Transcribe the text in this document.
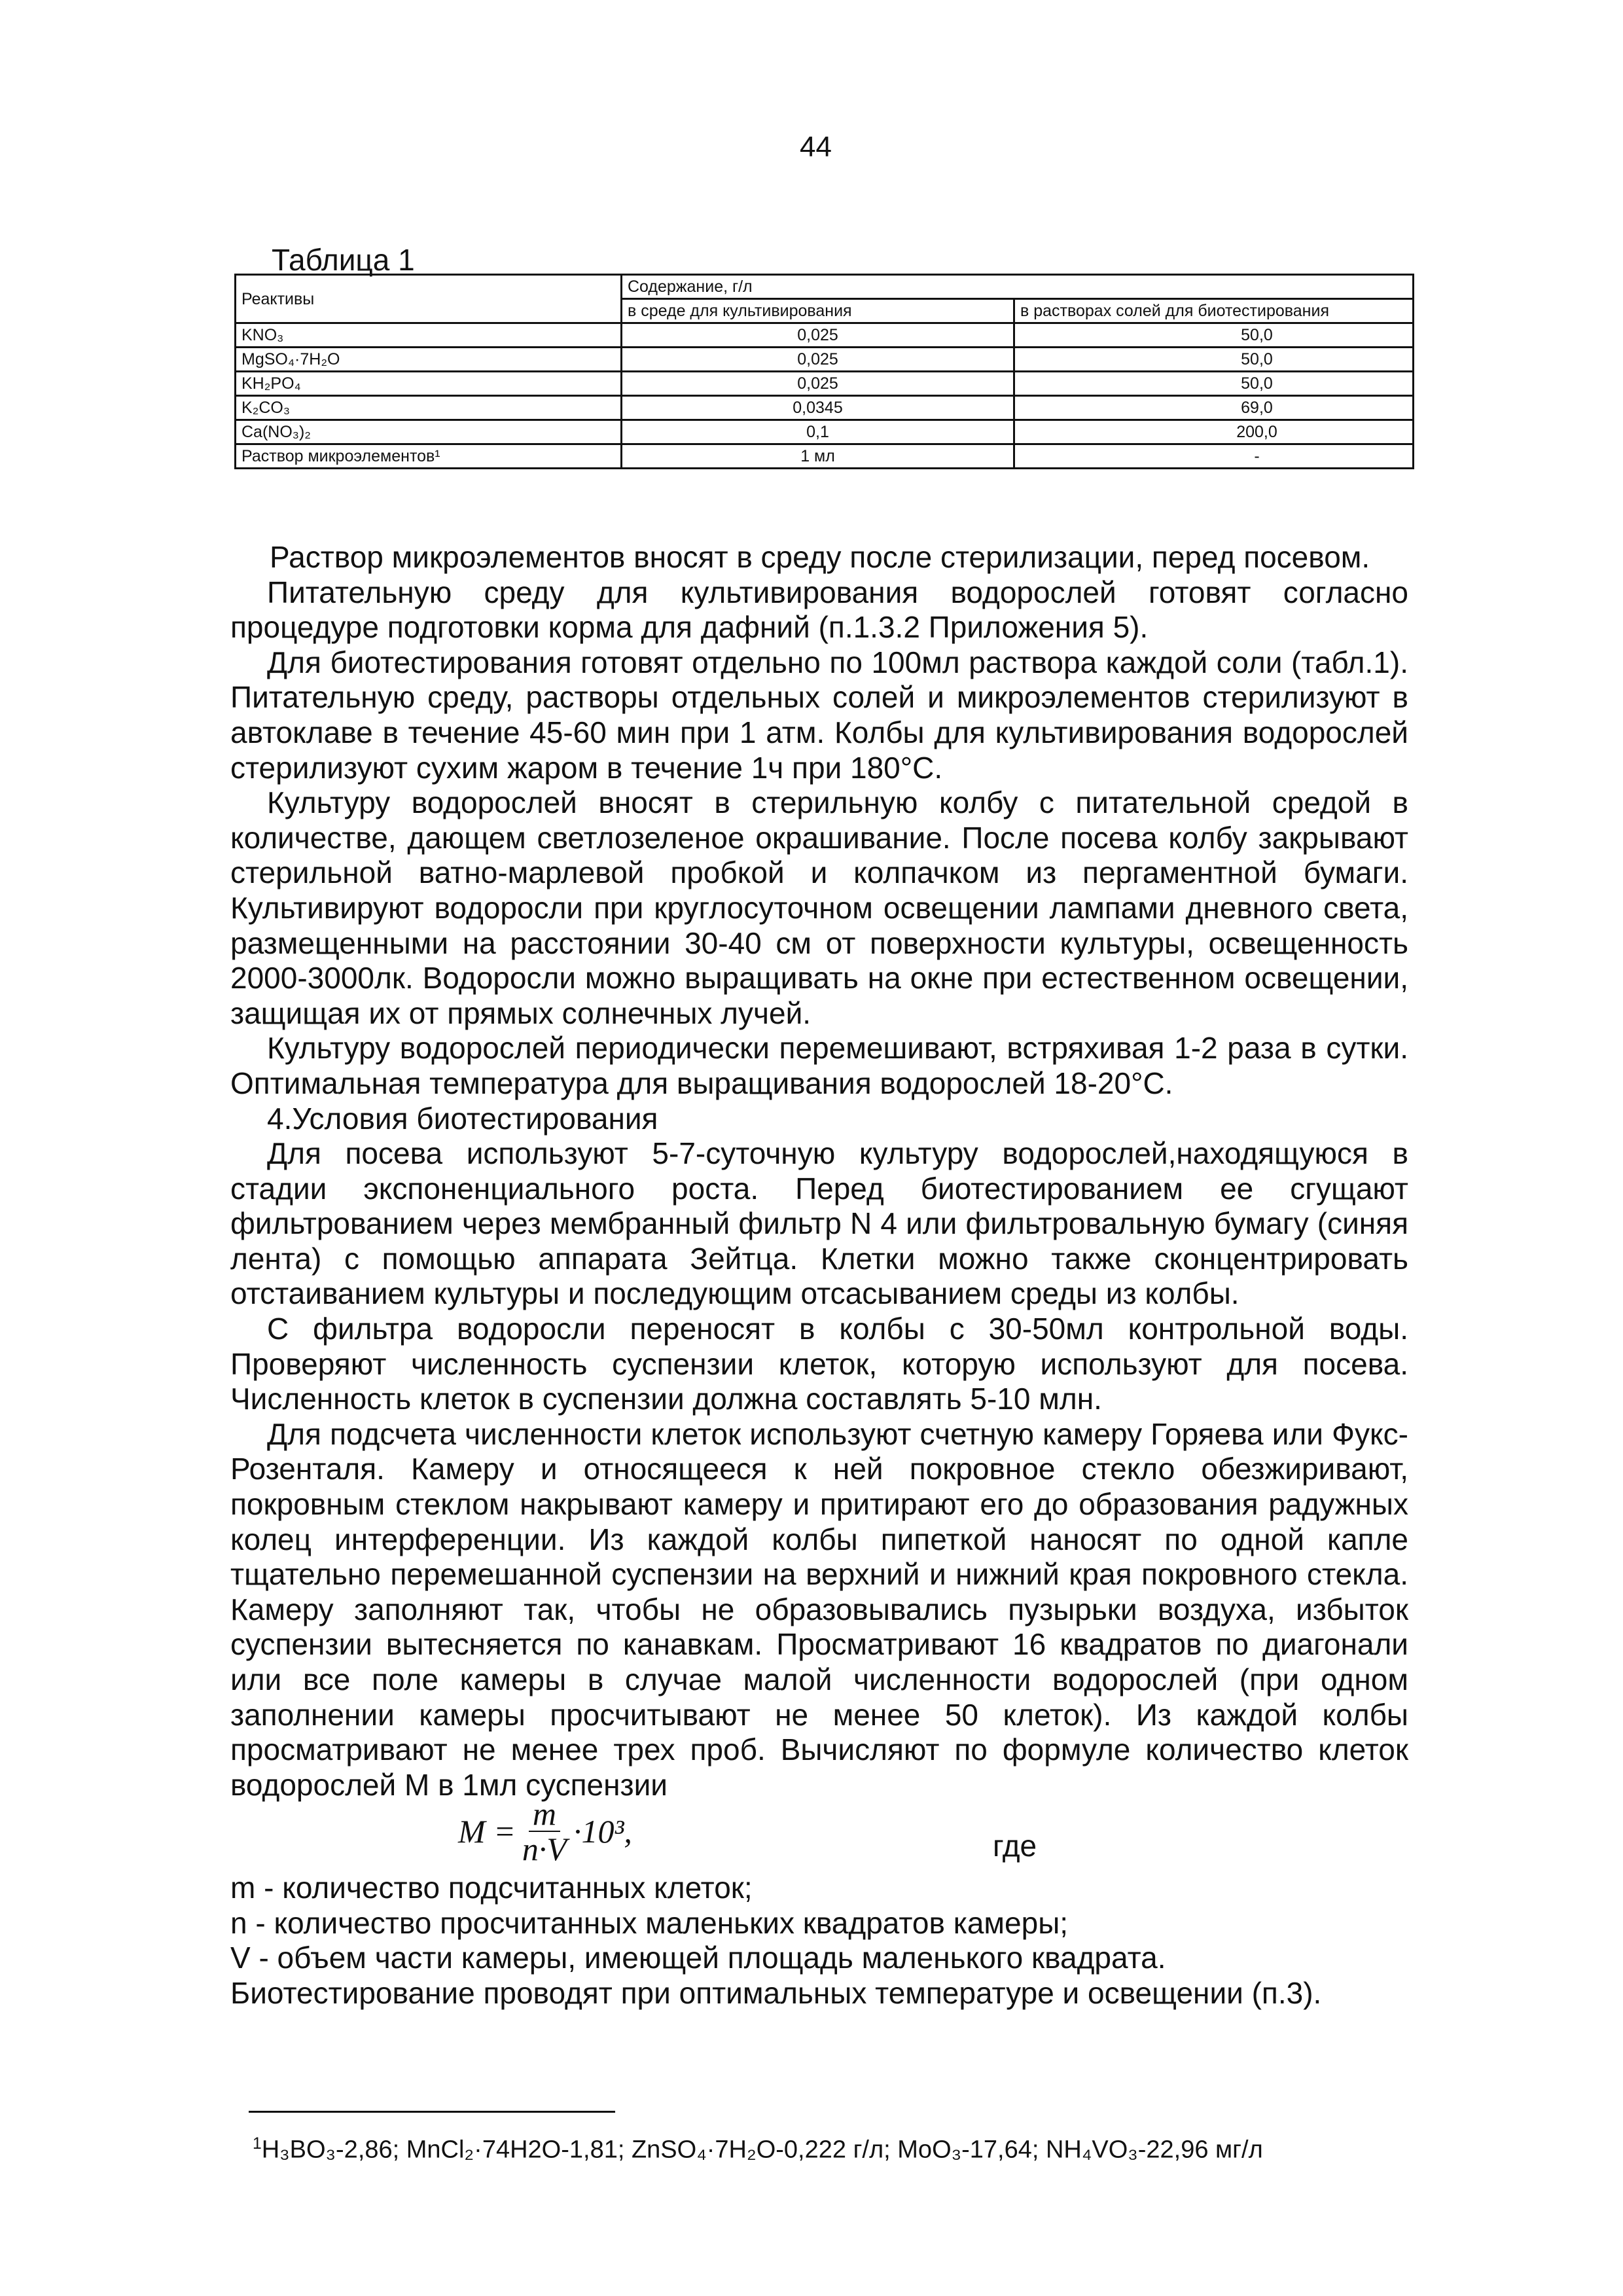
44
Таблица 1
Реактивы	Содержание, г/л	
	в среде для культивирования	в растворах солей для биотестирования
KNO₃	0,025	50,0
MgSO₄·7H₂O	0,025	50,0
KH₂PO₄	0,025	50,0
K₂CO₃	0,0345	69,0
Ca(NO₃)₂	0,1	200,0
Раствор микроэлементов¹	1 мл	-

Раствор микроэлементов вносят в среду после стерилизации, перед посевом.

Питательную среду для культивирования водорослей готовят согласно процедуре подготовки корма для дафний (п.1.3.2 Приложения 5).

Для биотестирования готовят отдельно по 100мл раствора каждой соли (табл.1). Питательную среду, растворы отдельных солей и микроэлементов стерилизуют в автоклаве в течение 45-60 мин при 1 атм. Колбы для культивирования водорослей стерилизуют сухим жаром в течение 1ч при 180°С.

Культуру водорослей вносят в стерильную колбу с питательной средой в количестве, дающем светлозеленое окрашивание. После посева колбу закрывают стерильной ватно-марлевой пробкой и колпачком из пергаментной бумаги. Культивируют водоросли при круглосуточном освещении лампами дневного света, размещенными на расстоянии 30-40 см от поверхности культуры, освещенность 2000-3000лк. Водоросли можно выращивать на окне при естественном освещении, защищая их от прямых солнечных лучей.

Культуру водорослей периодически перемешивают, встряхивая 1-2 раза в сутки. Оптимальная температура для выращивания водорослей 18-20°С.

4.Условия биотестирования

Для посева используют 5-7-суточную культуру водорослей,находящуюся в стадии экспоненциального роста. Перед биотестированием ее сгущают фильтрованием через мембранный фильтр N 4 или фильтровальную бумагу (синяя лента) с помощью аппарата Зейтца. Клетки можно также сконцентрировать отстаиванием культуры и последующим отсасыванием среды из колбы.

С фильтра водоросли переносят в колбы с 30-50мл контрольной воды. Проверяют численность суспензии клеток, которую используют для посева. Численность клеток в суспензии должна составлять 5-10 млн.

Для подсчета численности клеток используют счетную камеру Горяева или Фукс-Розенталя. Камеру и относящееся к ней покровное стекло обезжиривают, покровным стеклом накрывают камеру и притирают его до образования радужных колец интерференции. Из каждой колбы пипеткой наносят по одной капле тщательно перемешанной суспензии на верхний и нижний края покровного стекла. Камеру заполняют так, чтобы не образовывались пузырьки воздуха, избыток суспензии вытесняется по канавкам. Просматривают 16 квадратов по диагонали или все поле камеры в случае малой численности водорослей (при одном заполнении камеры просчитывают не менее 50 клеток). Из каждой колбы просматривают не менее трех проб. Вычисляют по формуле количество клеток водорослей М в 1мл суспензии

$M = \frac{m}{n\cdot V} \cdot 10^3$,	где
m - количество подсчитанных клеток;
n - количество просчитанных маленьких квадратов камеры;
V - объем части камеры, имеющей площадь маленького квадрата.
Биотестирование проводят при оптимальных температуре и освещении (п.3).
$^1$H₃BO₃-2,86; MnCl₂·74H2O-1,81; ZnSO₄·7H₂O-0,222 г/л; MoO₃-17,64; NH₄VO₃-22,96 мг/л
